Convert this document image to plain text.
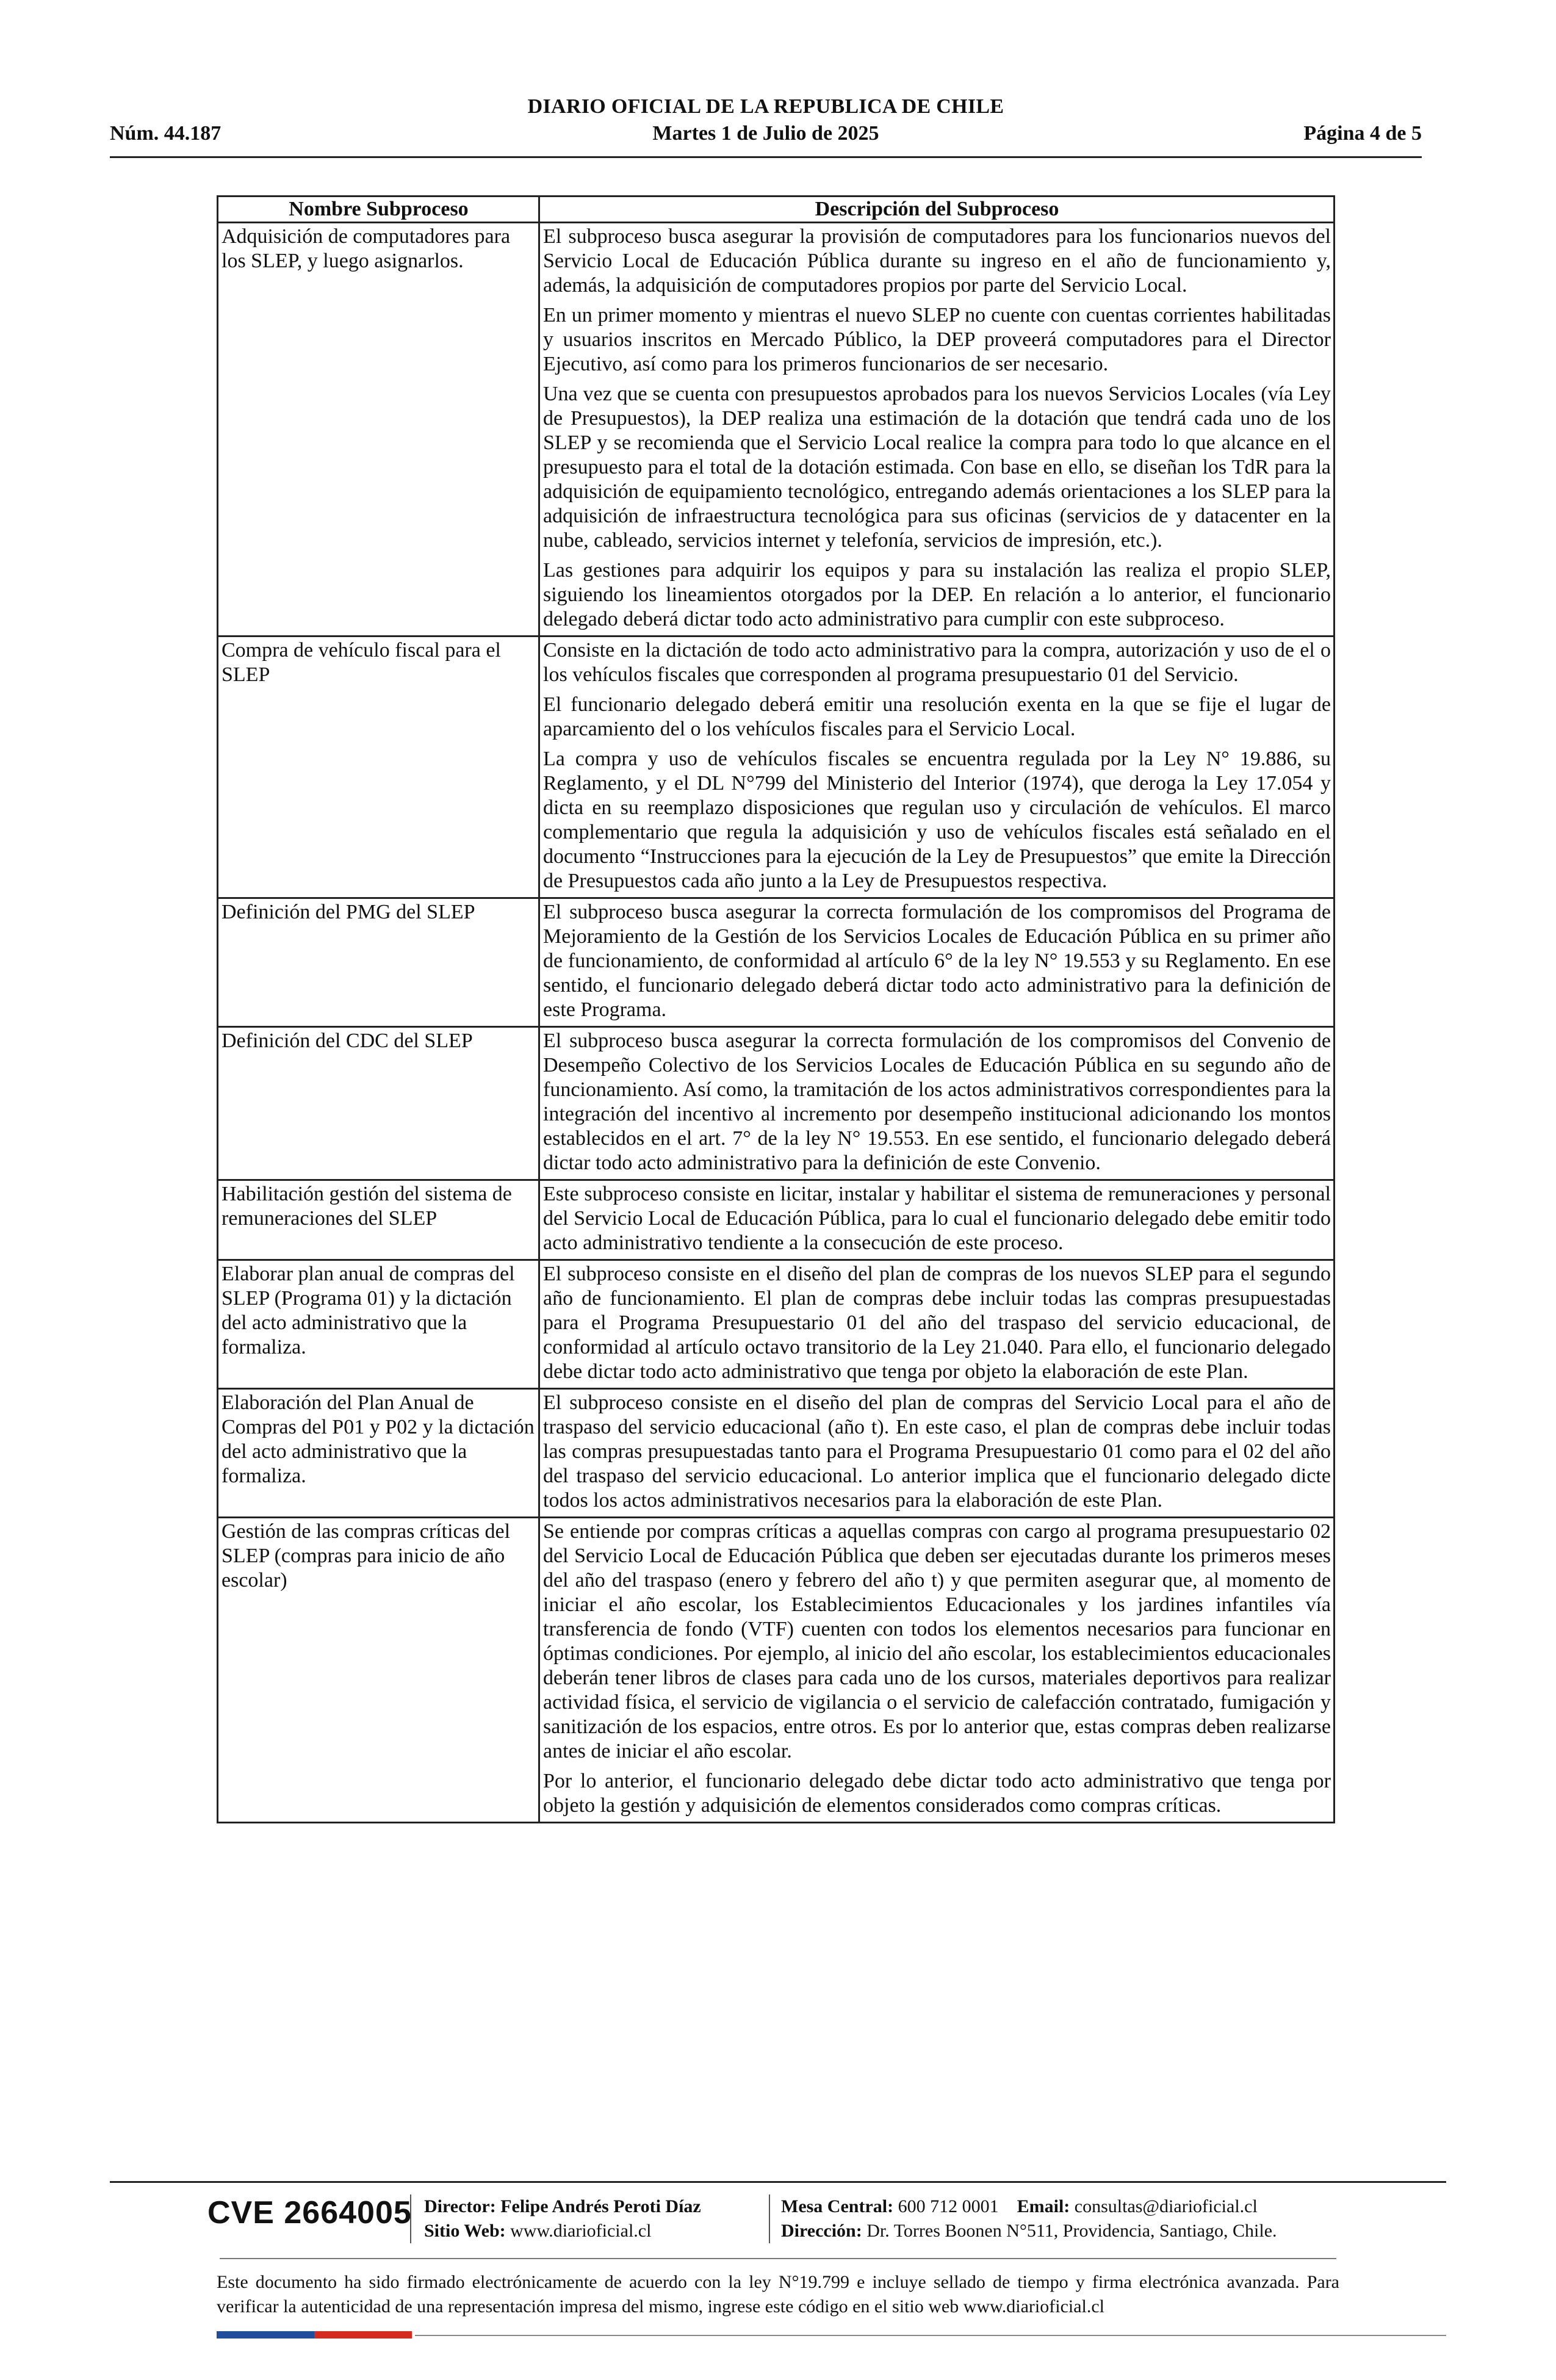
DIARIO OFICIAL DE LA REPUBLICA DE CHILE
Núm. 44.187	Martes 1 de Julio de 2025	Página 4 de 5
Nombre Subproceso	Descripción del Subproceso
Adquisición de computadores para los SLEP, y luego asignarlos.	El subproceso busca asegurar la provisión de computadores para los funcionarios nuevos del Servicio Local de Educación Pública durante su ingreso en el año de funcionamiento y, además, la adquisición de computadores propios por parte del Servicio Local.

En un primer momento y mientras el nuevo SLEP no cuente con cuentas corrientes habilitadas y usuarios inscritos en Mercado Público, la DEP proveerá computadores para el Director Ejecutivo, así como para los primeros funcionarios de ser necesario.

Una vez que se cuenta con presupuestos aprobados para los nuevos Servicios Locales (vía Ley de Presupuestos), la DEP realiza una estimación de la dotación que tendrá cada uno de los SLEP y se recomienda que el Servicio Local realice la compra para todo lo que alcance en el presupuesto para el total de la dotación estimada. Con base en ello, se diseñan los TdR para la adquisición de equipamiento tecnológico, entregando además orientaciones a los SLEP para la adquisición de infraestructura tecnológica para sus oficinas (servicios de y datacenter en la nube, cableado, servicios internet y telefonía, servicios de impresión, etc.).

Las gestiones para adquirir los equipos y para su instalación las realiza el propio SLEP, siguiendo los lineamientos otorgados por la DEP. En relación a lo anterior, el funcionario delegado deberá dictar todo acto administrativo para cumplir con este subproceso.

Compra de vehículo fiscal para el SLEP	Consiste en la dictación de todo acto administrativo para la compra, autorización y uso de el o los vehículos fiscales que corresponden al programa presupuestario 01 del Servicio.

El funcionario delegado deberá emitir una resolución exenta en la que se fije el lugar de aparcamiento del o los vehículos fiscales para el Servicio Local.

La compra y uso de vehículos fiscales se encuentra regulada por la Ley N° 19.886, su Reglamento, y el DL N°799 del Ministerio del Interior (1974), que deroga la Ley 17.054 y dicta en su reemplazo disposiciones que regulan uso y circulación de vehículos. El marco complementario que regula la adquisición y uso de vehículos fiscales está señalado en el documento “Instrucciones para la ejecución de la Ley de Presupuestos” que emite la Dirección de Presupuestos cada año junto a la Ley de Presupuestos respectiva.

Definición del PMG del SLEP	El subproceso busca asegurar la correcta formulación de los compromisos del Programa de Mejoramiento de la Gestión de los Servicios Locales de Educación Pública en su primer año de funcionamiento, de conformidad al artículo 6° de la ley N° 19.553 y su Reglamento. En ese sentido, el funcionario delegado deberá dictar todo acto administrativo para la definición de este Programa.

Definición del CDC del SLEP	El subproceso busca asegurar la correcta formulación de los compromisos del Convenio de Desempeño Colectivo de los Servicios Locales de Educación Pública en su segundo año de funcionamiento. Así como, la tramitación de los actos administrativos correspondientes para la integración del incentivo al incremento por desempeño institucional adicionando los montos establecidos en el art. 7° de la ley N° 19.553. En ese sentido, el funcionario delegado deberá dictar todo acto administrativo para la definición de este Convenio.

Habilitación gestión del sistema de remuneraciones del SLEP	Este subproceso consiste en licitar, instalar y habilitar el sistema de remuneraciones y personal del Servicio Local de Educación Pública, para lo cual el funcionario delegado debe emitir todo acto administrativo tendiente a la consecución de este proceso.

Elaborar plan anual de compras del SLEP (Programa 01) y la dictación del acto administrativo que la formaliza.	El subproceso consiste en el diseño del plan de compras de los nuevos SLEP para el segundo año de funcionamiento. El plan de compras debe incluir todas las compras presupuestadas para el Programa Presupuestario 01 del año del traspaso del servicio educacional, de conformidad al artículo octavo transitorio de la Ley 21.040. Para ello, el funcionario delegado debe dictar todo acto administrativo que tenga por objeto la elaboración de este Plan.

Elaboración del Plan Anual de Compras del P01 y P02 y la dictación del acto administrativo que la formaliza.	El subproceso consiste en el diseño del plan de compras del Servicio Local para el año de traspaso del servicio educacional (año t). En este caso, el plan de compras debe incluir todas las compras presupuestadas tanto para el Programa Presupuestario 01 como para el 02 del año del traspaso del servicio educacional. Lo anterior implica que el funcionario delegado dicte todos los actos administrativos necesarios para la elaboración de este Plan.

Gestión de las compras críticas del SLEP (compras para inicio de año escolar)	Se entiende por compras críticas a aquellas compras con cargo al programa presupuestario 02 del Servicio Local de Educación Pública que deben ser ejecutadas durante los primeros meses del año del traspaso (enero y febrero del año t) y que permiten asegurar que, al momento de iniciar el año escolar, los Establecimientos Educacionales y los jardines infantiles vía transferencia de fondo (VTF) cuenten con todos los elementos necesarios para funcionar en óptimas condiciones. Por ejemplo, al inicio del año escolar, los establecimientos educacionales deberán tener libros de clases para cada uno de los cursos, materiales deportivos para realizar actividad física, el servicio de vigilancia o el servicio de calefacción contratado, fumigación y sanitización de los espacios, entre otros. Es por lo anterior que, estas compras deben realizarse antes de iniciar el año escolar.

Por lo anterior, el funcionario delegado debe dictar todo acto administrativo que tenga por objeto la gestión y adquisición de elementos considerados como compras críticas.

CVE 2664005 Director: Felipe Andrés Peroti Díaz
Sitio Web: www.diarioficial.cl
Mesa Central: 600 712 0001 Email: consultas@diarioficial.cl
Dirección: Dr. Torres Boonen N°511, Providencia, Santiago, Chile.
Este documento ha sido firmado electrónicamente de acuerdo con la ley N°19.799 e incluye sellado de tiempo y firma electrónica avanzada. Para verificar la autenticidad de una representación impresa del mismo, ingrese este código en el sitio web www.diarioficial.cl
